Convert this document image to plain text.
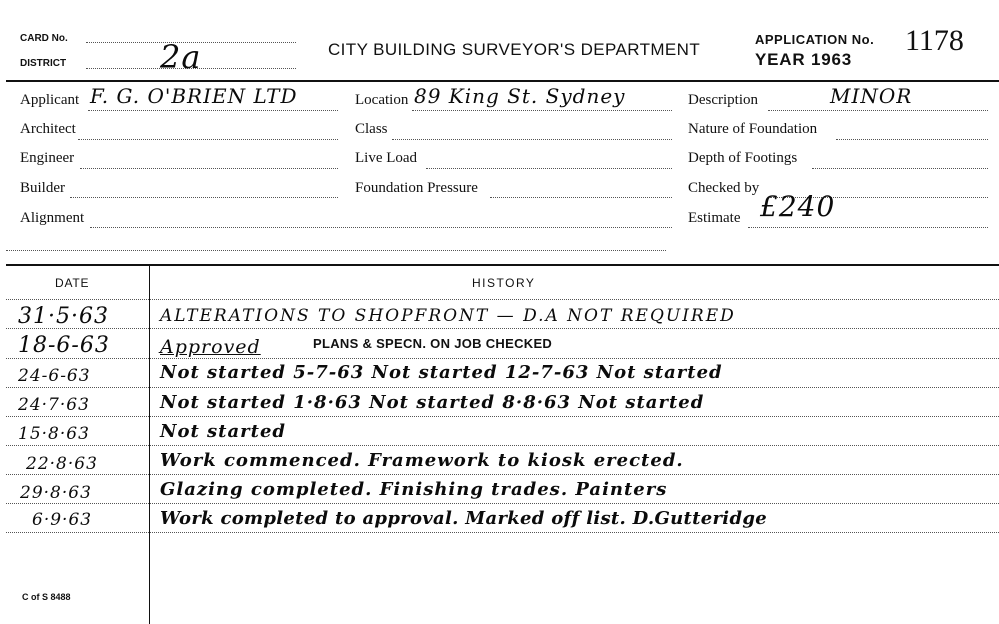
CARD No.
DISTRICT	2a	CITY BUILDING SURVEYOR'S DEPARTMENT
APPLICATION No. 1178
YEAR 1963
Applicant F. G. O'BRIEN LTD	Location 89 King St. Sydney	Description	MINOR
Architect	Class	Nature of Foundation
Engineer	Live Load	Depth of Footings
Builder	Foundation Pressure	Checked by
Alignment	Estimate £240
DATE	HISTORY
31·5·63	ALTERATIONS TO SHOPFRONT — D.A NOT REQUIRED
18-6-63	Approved	PLANS & SPECN. ON JOB CHECKED
24-6-63	Not started 5-7-63 Not started 12-7-63 Not started
24·7·63	Not started 1·8·63 Not started 8·8·63 Not started
15·8·63	Not started
22·8·63	Work commenced. Framework to kiosk erected.
29·8·63	Glazing completed. Finishing trades. Painters
6·9·63	Work completed to approval. Marked off list. D.Gutteridge
C of S 8488
